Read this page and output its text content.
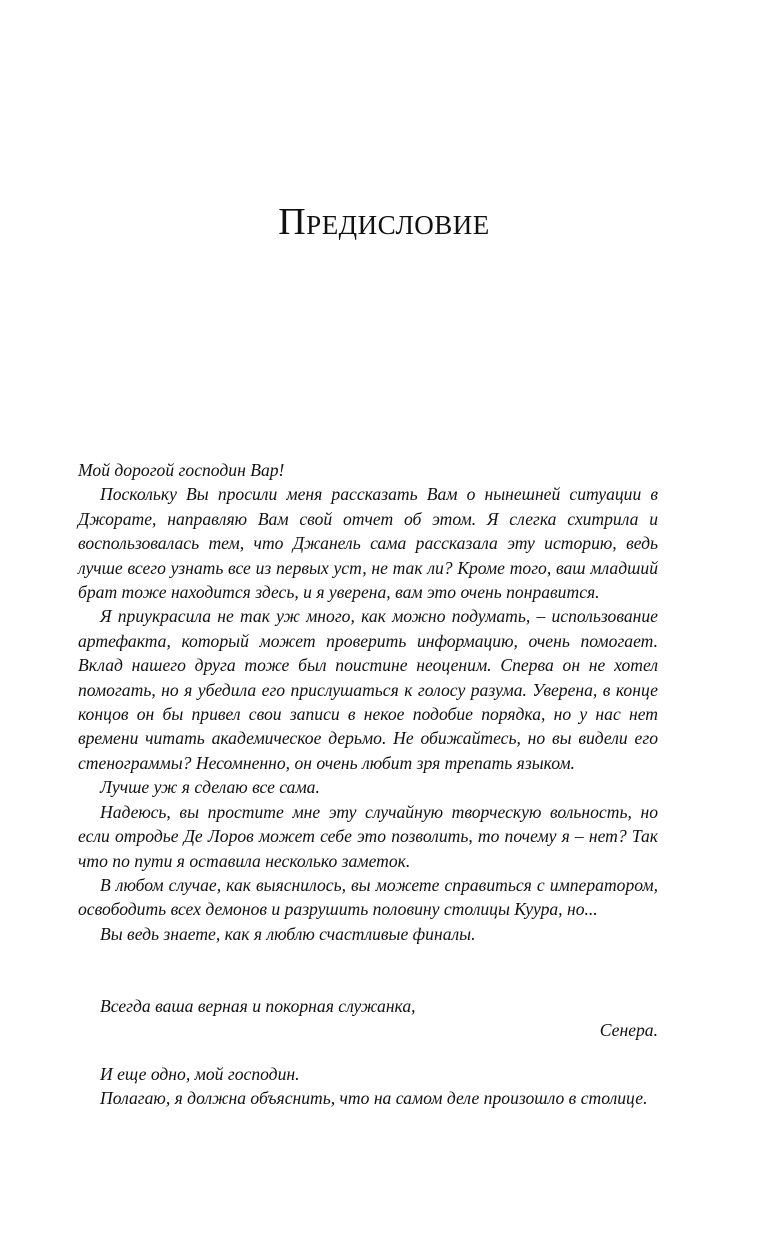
Предисловие

Мой дорогой господин Вар!

Поскольку Вы просили меня рассказать Вам о нынешней ситуации в Джорате, направляю Вам свой отчет об этом. Я слегка схитрила и воспользовалась тем, что Джанель сама рассказала эту историю, ведь лучше всего узнать все из первых уст, не так ли? Кроме того, ваш младший брат тоже находится здесь, и я уверена, вам это очень понравится.

Я приукрасила не так уж много, как можно подумать, – использование артефакта, который может проверить информацию, очень помогает. Вклад нашего друга тоже был поистине неоценим. Сперва он не хотел помогать, но я убедила его прислушаться к голосу разума. Уверена, в конце концов он бы привел свои записи в некое подобие порядка, но у нас нет времени читать академическое дерьмо. Не обижайтесь, но вы видели его стенограммы? Несомненно, он очень любит зря трепать языком.

Лучше уж я сделаю все сама.

Надеюсь, вы простите мне эту случайную творческую вольность, но если отродье Де Лоров может себе это позволить, то почему я – нет? Так что по пути я оставила несколько заметок.

В любом случае, как выяснилось, вы можете справиться с императором, освободить всех демонов и разрушить половину столицы Куура, но...

Вы ведь знаете, как я люблю счастливые финалы.

Всегда ваша верная и покорная служанка,

Сенера.

И еще одно, мой господин.

Полагаю, я должна объяснить, что на самом деле произошло в столице.
